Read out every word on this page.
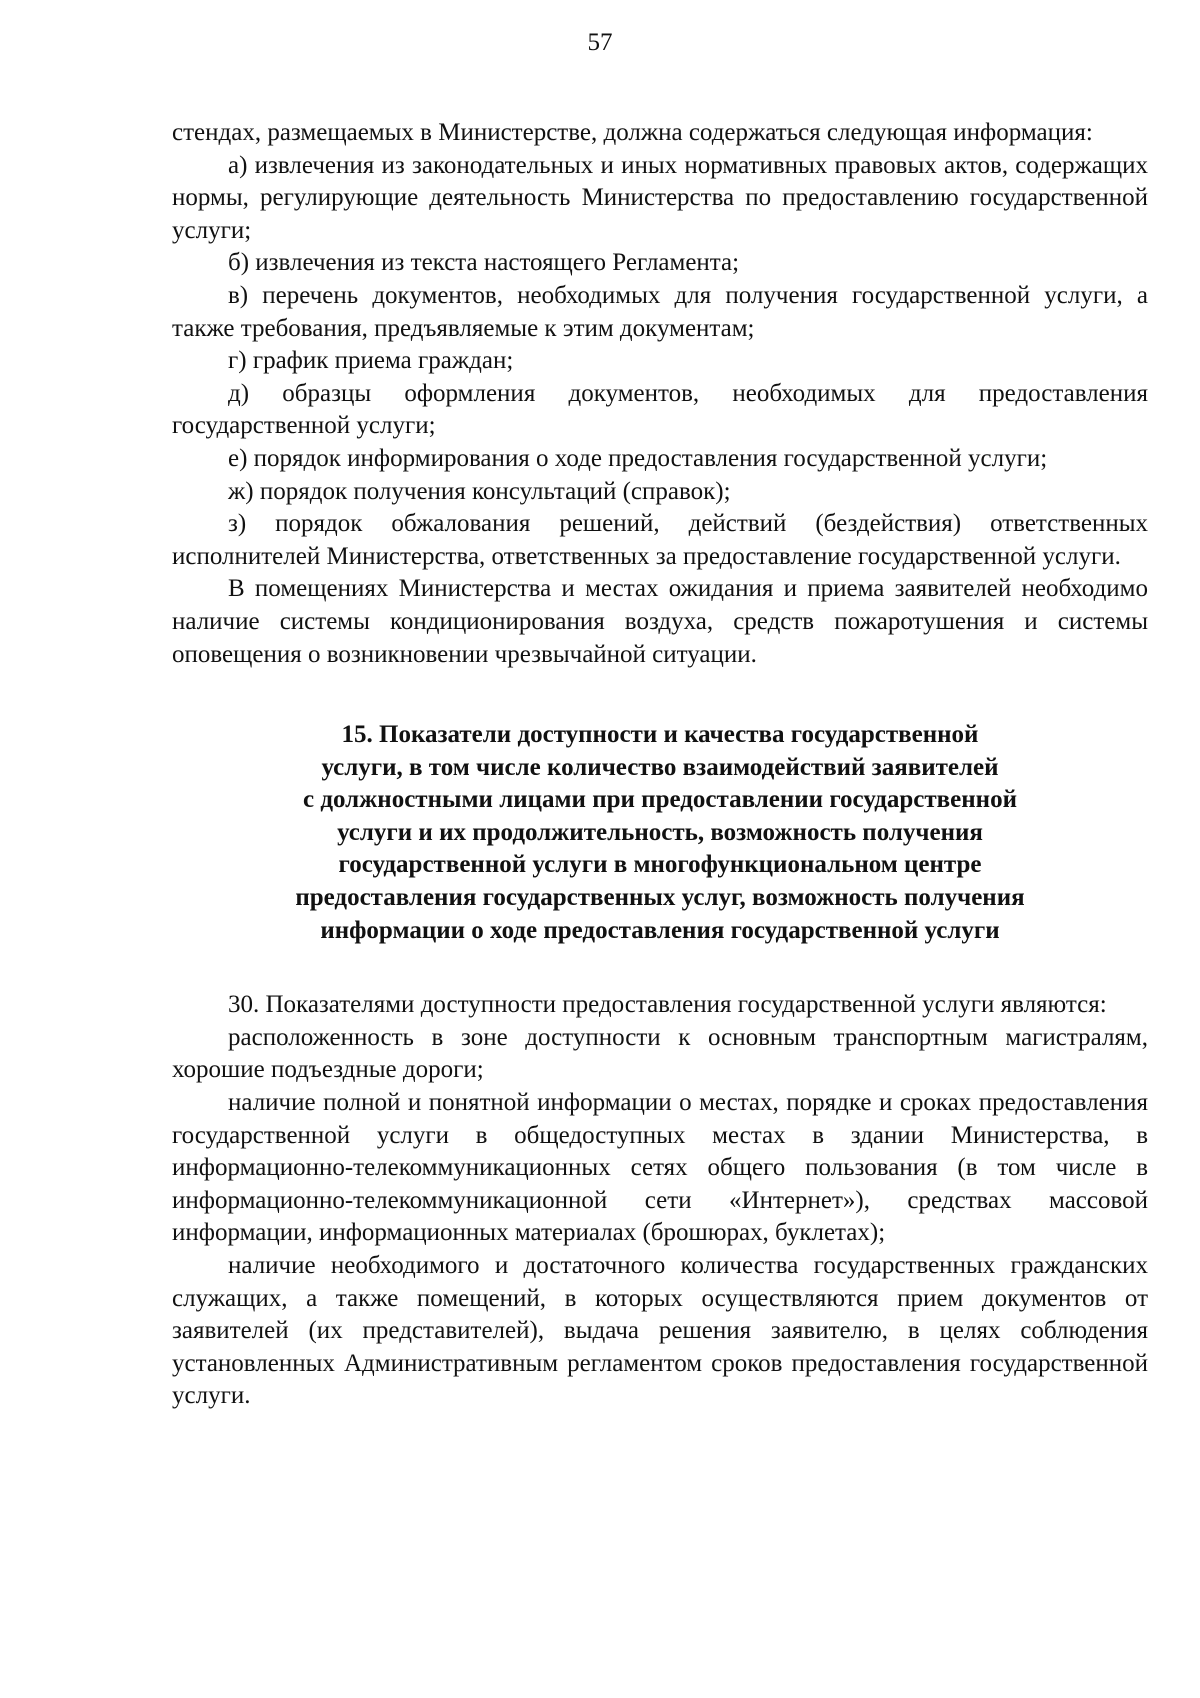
57

стендах, размещаемых в Министерстве, должна содержаться следующая информация:

а) извлечения из законодательных и иных нормативных правовых актов, содержащих нормы, регулирующие деятельность Министерства по предоставлению государственной услуги;

б) извлечения из текста настоящего Регламента;

в) перечень документов, необходимых для получения государственной услуги, а также требования, предъявляемые к этим документам;

г) график приема граждан;

д) образцы оформления документов, необходимых для предоставления государственной услуги;

е) порядок информирования о ходе предоставления государственной услуги;

ж) порядок получения консультаций (справок);

з) порядок обжалования решений, действий (бездействия) ответственных исполнителей Министерства, ответственных за предоставление государственной услуги.

В помещениях Министерства и местах ожидания и приема заявителей необходимо наличие системы кондиционирования воздуха, средств пожаротушения и системы оповещения о возникновении чрезвычайной ситуации.

15. Показатели доступности и качества государственной
услуги, в том числе количество взаимодействий заявителей
с должностными лицами при предоставлении государственной
услуги и их продолжительность, возможность получения
государственной услуги в многофункциональном центре
предоставления государственных услуг, возможность получения
информации о ходе предоставления государственной услуги

30. Показателями доступности предоставления государственной услуги являются:

расположенность в зоне доступности к основным транспортным магистралям, хорошие подъездные дороги;

наличие полной и понятной информации о местах, порядке и сроках предоставления государственной услуги в общедоступных местах в здании Министерства, в информационно-телекоммуникационных сетях общего пользования (в том числе в информационно-телекоммуникационной сети «Интернет»), средствах массовой информации, информационных материалах (брошюрах, буклетах);

наличие необходимого и достаточного количества государственных гражданских служащих, а также помещений, в которых осуществляются прием документов от заявителей (их представителей), выдача решения заявителю, в целях соблюдения установленных Административным регламентом сроков предоставления государственной услуги.
